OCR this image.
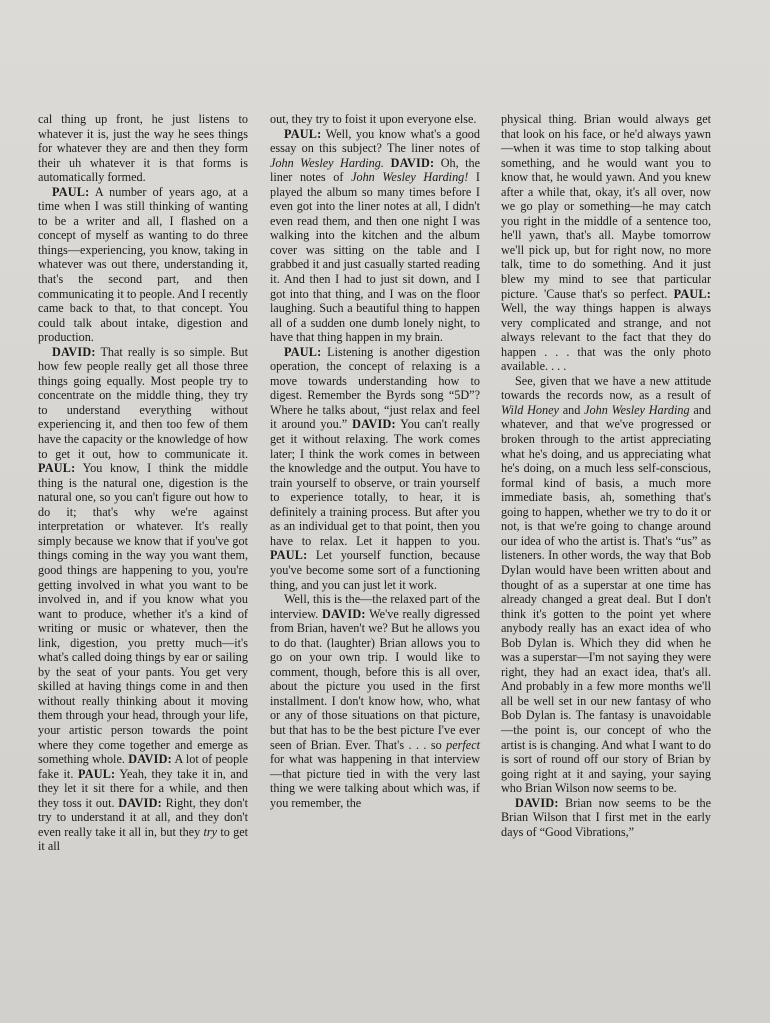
cal thing up front, he just listens to whatever it is, just the way he sees things for whatever they are and then they form their uh whatever it is that forms is automatically formed.

PAUL: A number of years ago, at a time when I was still thinking of wanting to be a writer and all, I flashed on a concept of myself as wanting to do three things—experiencing, you know, taking in whatever was out there, understanding it, that's the second part, and then communicating it to people. And I recently came back to that, to that concept. You could talk about intake, digestion and production.

DAVID: That really is so simple. But how few people really get all those three things going equally. Most people try to concentrate on the middle thing, they try to understand everything without experiencing it, and then too few of them have the capacity or the knowledge of how to get it out, how to communicate it. PAUL: You know, I think the middle thing is the natural one, digestion is the natural one, so you can't figure out how to do it; that's why we're against interpretation or whatever. It's really simply because we know that if you've got things coming in the way you want them, good things are happening to you, you're getting involved in what you want to be involved in, and if you know what you want to produce, whether it's a kind of writing or music or whatever, then the link, digestion, you pretty much—it's what's called doing things by ear or sailing by the seat of your pants. You get very skilled at having things come in and then without really thinking about it moving them through your head, through your life, your artistic person towards the point where they come together and emerge as something whole. DAVID: A lot of people fake it. PAUL: Yeah, they take it in, and they let it sit there for a while, and then they toss it out. DAVID: Right, they don't try to understand it at all, and they don't even really take it all in, but they try to get it all

out, they try to foist it upon everyone else.

PAUL: Well, you know what's a good essay on this subject? The liner notes of John Wesley Harding. DAVID: Oh, the liner notes of John Wesley Harding! I played the album so many times before I even got into the liner notes at all, I didn't even read them, and then one night I was walking into the kitchen and the album cover was sitting on the table and I grabbed it and just casually started reading it. And then I had to just sit down, and I got into that thing, and I was on the floor laughing. Such a beautiful thing to happen all of a sudden one dumb lonely night, to have that thing happen in my brain.

PAUL: Listening is another digestion operation, the concept of relaxing is a move towards understanding how to digest. Remember the Byrds song “5D”? Where he talks about, “just relax and feel it around you.” DAVID: You can't really get it without relaxing. The work comes later; I think the work comes in between the knowledge and the output. You have to train yourself to observe, or train yourself to experience totally, to hear, it is definitely a training process. But after you as an individual get to that point, then you have to relax. Let it happen to you. PAUL: Let yourself function, because you've become some sort of a functioning thing, and you can just let it work.

Well, this is the—the relaxed part of the interview. DAVID: We've really digressed from Brian, haven't we? But he allows you to do that. (laughter) Brian allows you to go on your own trip. I would like to comment, though, before this is all over, about the picture you used in the first installment. I don't know how, who, what or any of those situations on that picture, but that has to be the best picture I've ever seen of Brian. Ever. That's . . . so perfect for what was happening in that interview—that picture tied in with the very last thing we were talking about which was, if you remember, the

physical thing. Brian would always get that look on his face, or he'd always yawn—when it was time to stop talking about something, and he would want you to know that, he would yawn. And you knew after a while that, okay, it's all over, now we go play or something—he may catch you right in the middle of a sentence too, he'll yawn, that's all. Maybe tomorrow we'll pick up, but for right now, no more talk, time to do something. And it just blew my mind to see that particular picture. 'Cause that's so perfect. PAUL: Well, the way things happen is always very complicated and strange, and not always relevant to the fact that they do happen . . . that was the only photo available. . . .

See, given that we have a new attitude towards the records now, as a result of Wild Honey and John Wesley Harding and whatever, and that we've progressed or broken through to the artist appreciating what he's doing, and us appreciating what he's doing, on a much less self-conscious, formal kind of basis, a much more immediate basis, ah, something that's going to happen, whether we try to do it or not, is that we're going to change around our idea of who the artist is. That's “us” as listeners. In other words, the way that Bob Dylan would have been written about and thought of as a superstar at one time has already changed a great deal. But I don't think it's gotten to the point yet where anybody really has an exact idea of who Bob Dylan is. Which they did when he was a superstar—I'm not saying they were right, they had an exact idea, that's all. And probably in a few more months we'll all be well set in our new fantasy of who Bob Dylan is. The fantasy is unavoidable—the point is, our concept of who the artist is is changing. And what I want to do is sort of round off our story of Brian by going right at it and saying, your saying who Brian Wilson now seems to be.

DAVID: Brian now seems to be the Brian Wilson that I first met in the early days of “Good Vibrations,”
